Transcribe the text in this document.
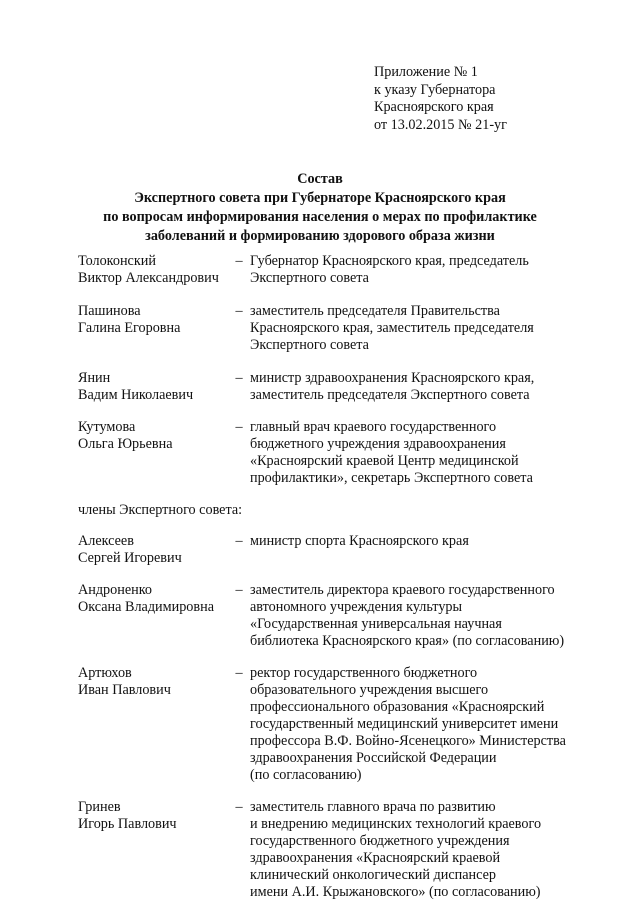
Приложение № 1
к указу Губернатора
Красноярского края
от 13.02.2015 № 21-уг
Состав
Экспертного совета при Губернаторе Красноярского края
по вопросам информирования населения о мерах по профилактике
заболеваний и формированию здорового образа жизни
Толоконский
Виктор Александрович
– Губернатор Красноярского края, председатель
Экспертного совета
Пашинова
Галина Егоровна
– заместитель председателя Правительства
Красноярского края, заместитель председателя
Экспертного совета
Янин
Вадим Николаевич
– министр здравоохранения Красноярского края,
заместитель председателя Экспертного совета
Кутумова
Ольга Юрьевна
– главный врач краевого государственного
бюджетного учреждения здравоохранения
«Красноярский краевой Центр медицинской
профилактики», секретарь Экспертного совета
члены Экспертного совета:
Алексеев
Сергей Игоревич
– министр спорта Красноярского края
Андроненко
Оксана Владимировна
– заместитель директора краевого государственного
автономного учреждения культуры
«Государственная универсальная научная
библиотека Красноярского края» (по согласованию)
Артюхов
Иван Павлович
– ректор государственного бюджетного
образовательного учреждения высшего
профессионального образования «Красноярский
государственный медицинский университет имени
профессора В.Ф. Войно-Ясенецкого» Министерства
здравоохранения Российской Федерации
(по согласованию)
Гринев
Игорь Павлович
– заместитель главного врача по развитию
и внедрению медицинских технологий краевого
государственного бюджетного учреждения
здравоохранения «Красноярский краевой
клинический онкологический диспансер
имени А.И. Крыжановского» (по согласованию)
